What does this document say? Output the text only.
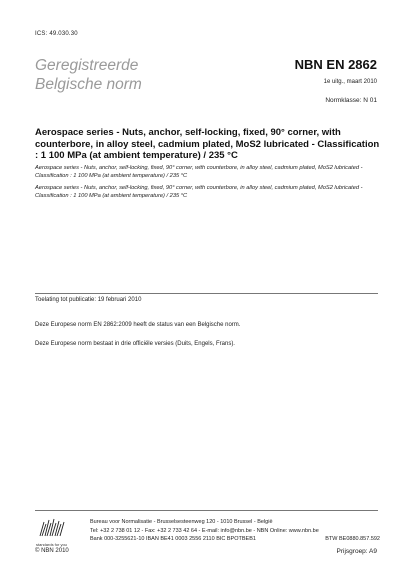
ICS: 49.030.30
Geregistreerde
Belgische norm
NBN EN 2862
1e uitg., maart 2010
Normklasse: N 01
Aerospace series - Nuts, anchor, self-locking, fixed, 90° corner, with counterbore, in alloy steel, cadmium plated, MoS2 lubricated - Classification : 1 100 MPa (at ambient temperature) / 235 °C
Aerospace series - Nuts, anchor, self-locking, fixed, 90° corner, with counterbore, in alloy steel, cadmium plated, MoS2 lubricated - Classification : 1 100 MPa (at ambient temperature) / 235 °C
Aerospace series - Nuts, anchor, self-locking, fixed, 90° corner, with counterbore, in alloy steel, cadmium plated, MoS2 lubricated - Classification : 1 100 MPa (at ambient temperature) / 235 °C
Toelating tot publicatie: 19 februari 2010
Deze Europese norm EN 2862:2009 heeft de status van een Belgische norm.
Deze Europese norm bestaat in drie officiële versies (Duits, Engels, Frans).
standards for you
Bureau voor Normalisatie - Brusselsesteenweg 120 - 1010 Brussel - België
Tel: +32 2 738 01 12 - Fax: +32 2 733 42 64 - E-mail: info@nbn.be - NBN Online: www.nbn.be
Bank 000-3255621-10 IBAN BE41 0003 2556 2110 BIC BPOTBEB1	BTW BE0880.857.592
© NBN 2010	Prijsgroep: A9
